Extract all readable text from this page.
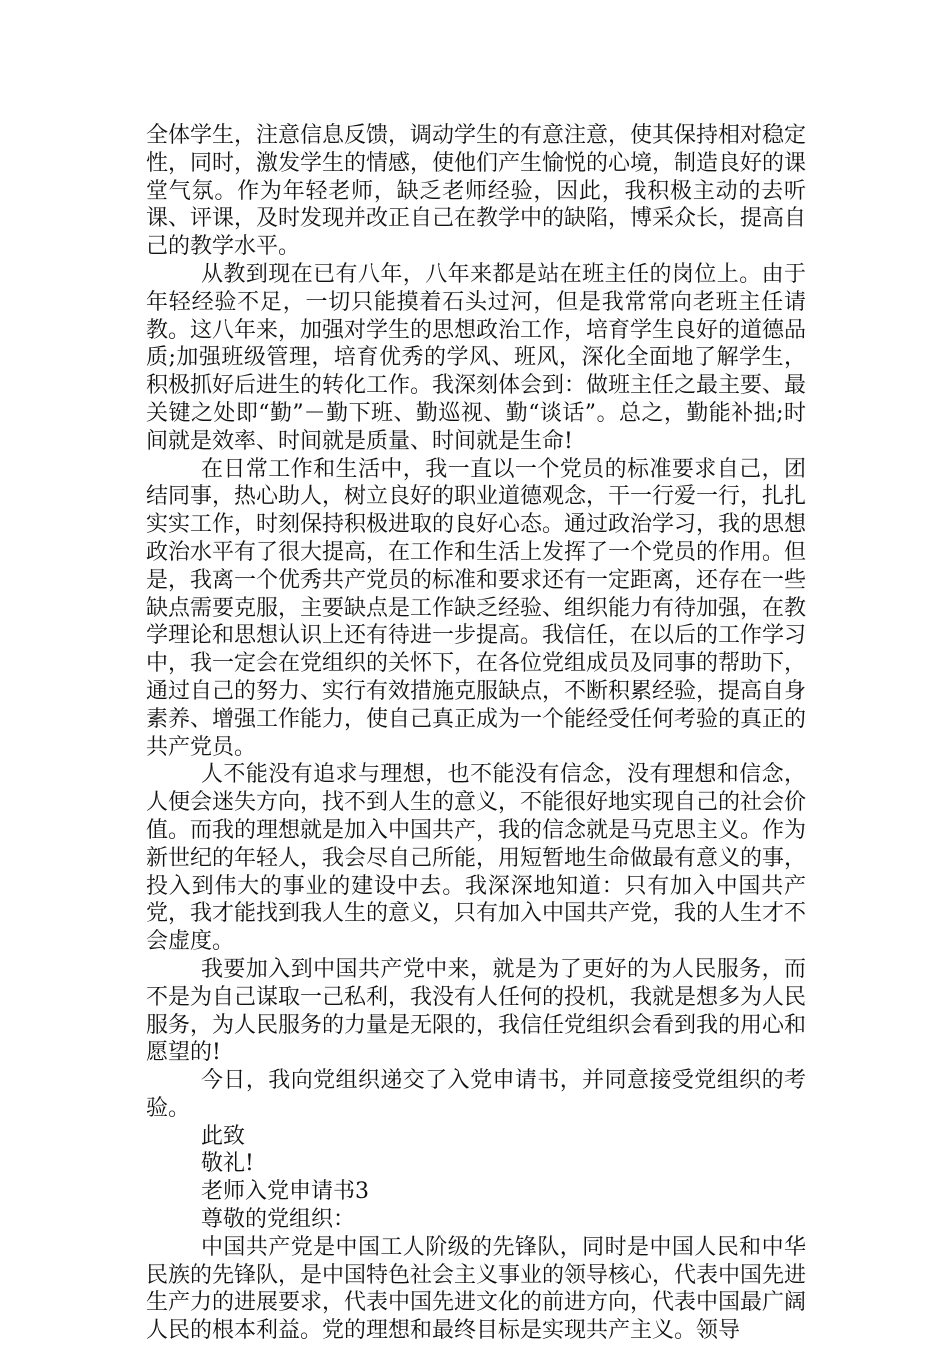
全体学生，注意信息反馈，调动学生的有意注意，使其保持相对稳定性，同时，激发学生的情感，使他们产生愉悦的心境，制造良好的课堂气氛。作为年轻老师，缺乏老师经验，因此，我积极主动的去听课、评课，及时发现并改正自己在教学中的缺陷，博采众长，提高自己的教学水平。

从教到现在已有八年，八年来都是站在班主任的岗位上。由于年轻经验不足，一切只能摸着石头过河，但是我常常向老班主任请教。这八年来，加强对学生的思想政治工作，培育学生良好的道德品质;加强班级管理，培育优秀的学风、班风，深化全面地了解学生，积极抓好后进生的转化工作。我深刻体会到：做班主任之最主要、最关键之处即“勤”－勤下班、勤巡视、勤“谈话”。总之，勤能补拙;时间就是效率、时间就是质量、时间就是生命!

在日常工作和生活中，我一直以一个党员的标准要求自己，团结同事，热心助人，树立良好的职业道德观念，干一行爱一行，扎扎实实工作，时刻保持积极进取的良好心态。通过政治学习，我的思想政治水平有了很大提高，在工作和生活上发挥了一个党员的作用。但是，我离一个优秀共产党员的标准和要求还有一定距离，还存在一些缺点需要克服，主要缺点是工作缺乏经验、组织能力有待加强，在教学理论和思想认识上还有待进一步提高。我信任，在以后的工作学习中，我一定会在党组织的关怀下，在各位党组成员及同事的帮助下，通过自己的努力、实行有效措施克服缺点，不断积累经验，提高自身素养、增强工作能力，使自己真正成为一个能经受任何考验的真正的共产党员。

人不能没有追求与理想，也不能没有信念，没有理想和信念，人便会迷失方向，找不到人生的意义，不能很好地实现自己的社会价值。而我的理想就是加入中国共产，我的信念就是马克思主义。作为新世纪的年轻人，我会尽自己所能，用短暂地生命做最有意义的事，投入到伟大的事业的建设中去。我深深地知道：只有加入中国共产党，我才能找到我人生的意义，只有加入中国共产党，我的人生才不会虚度。

我要加入到中国共产党中来，就是为了更好的为人民服务，而不是为自己谋取一己私利，我没有人任何的投机，我就是想多为人民服务，为人民服务的力量是无限的，我信任党组织会看到我的用心和愿望的!

今日，我向党组织递交了入党申请书，并同意接受党组织的考验。

此致

敬礼!

老师入党申请书3

尊敬的党组织：

中国共产党是中国工人阶级的先锋队，同时是中国人民和中华民族的先锋队，是中国特色社会主义事业的领导核心，代表中国先进生产力的进展要求，代表中国先进文化的前进方向，代表中国最广阔人民的根本利益。党的理想和最终目标是实现共产主义。领导
